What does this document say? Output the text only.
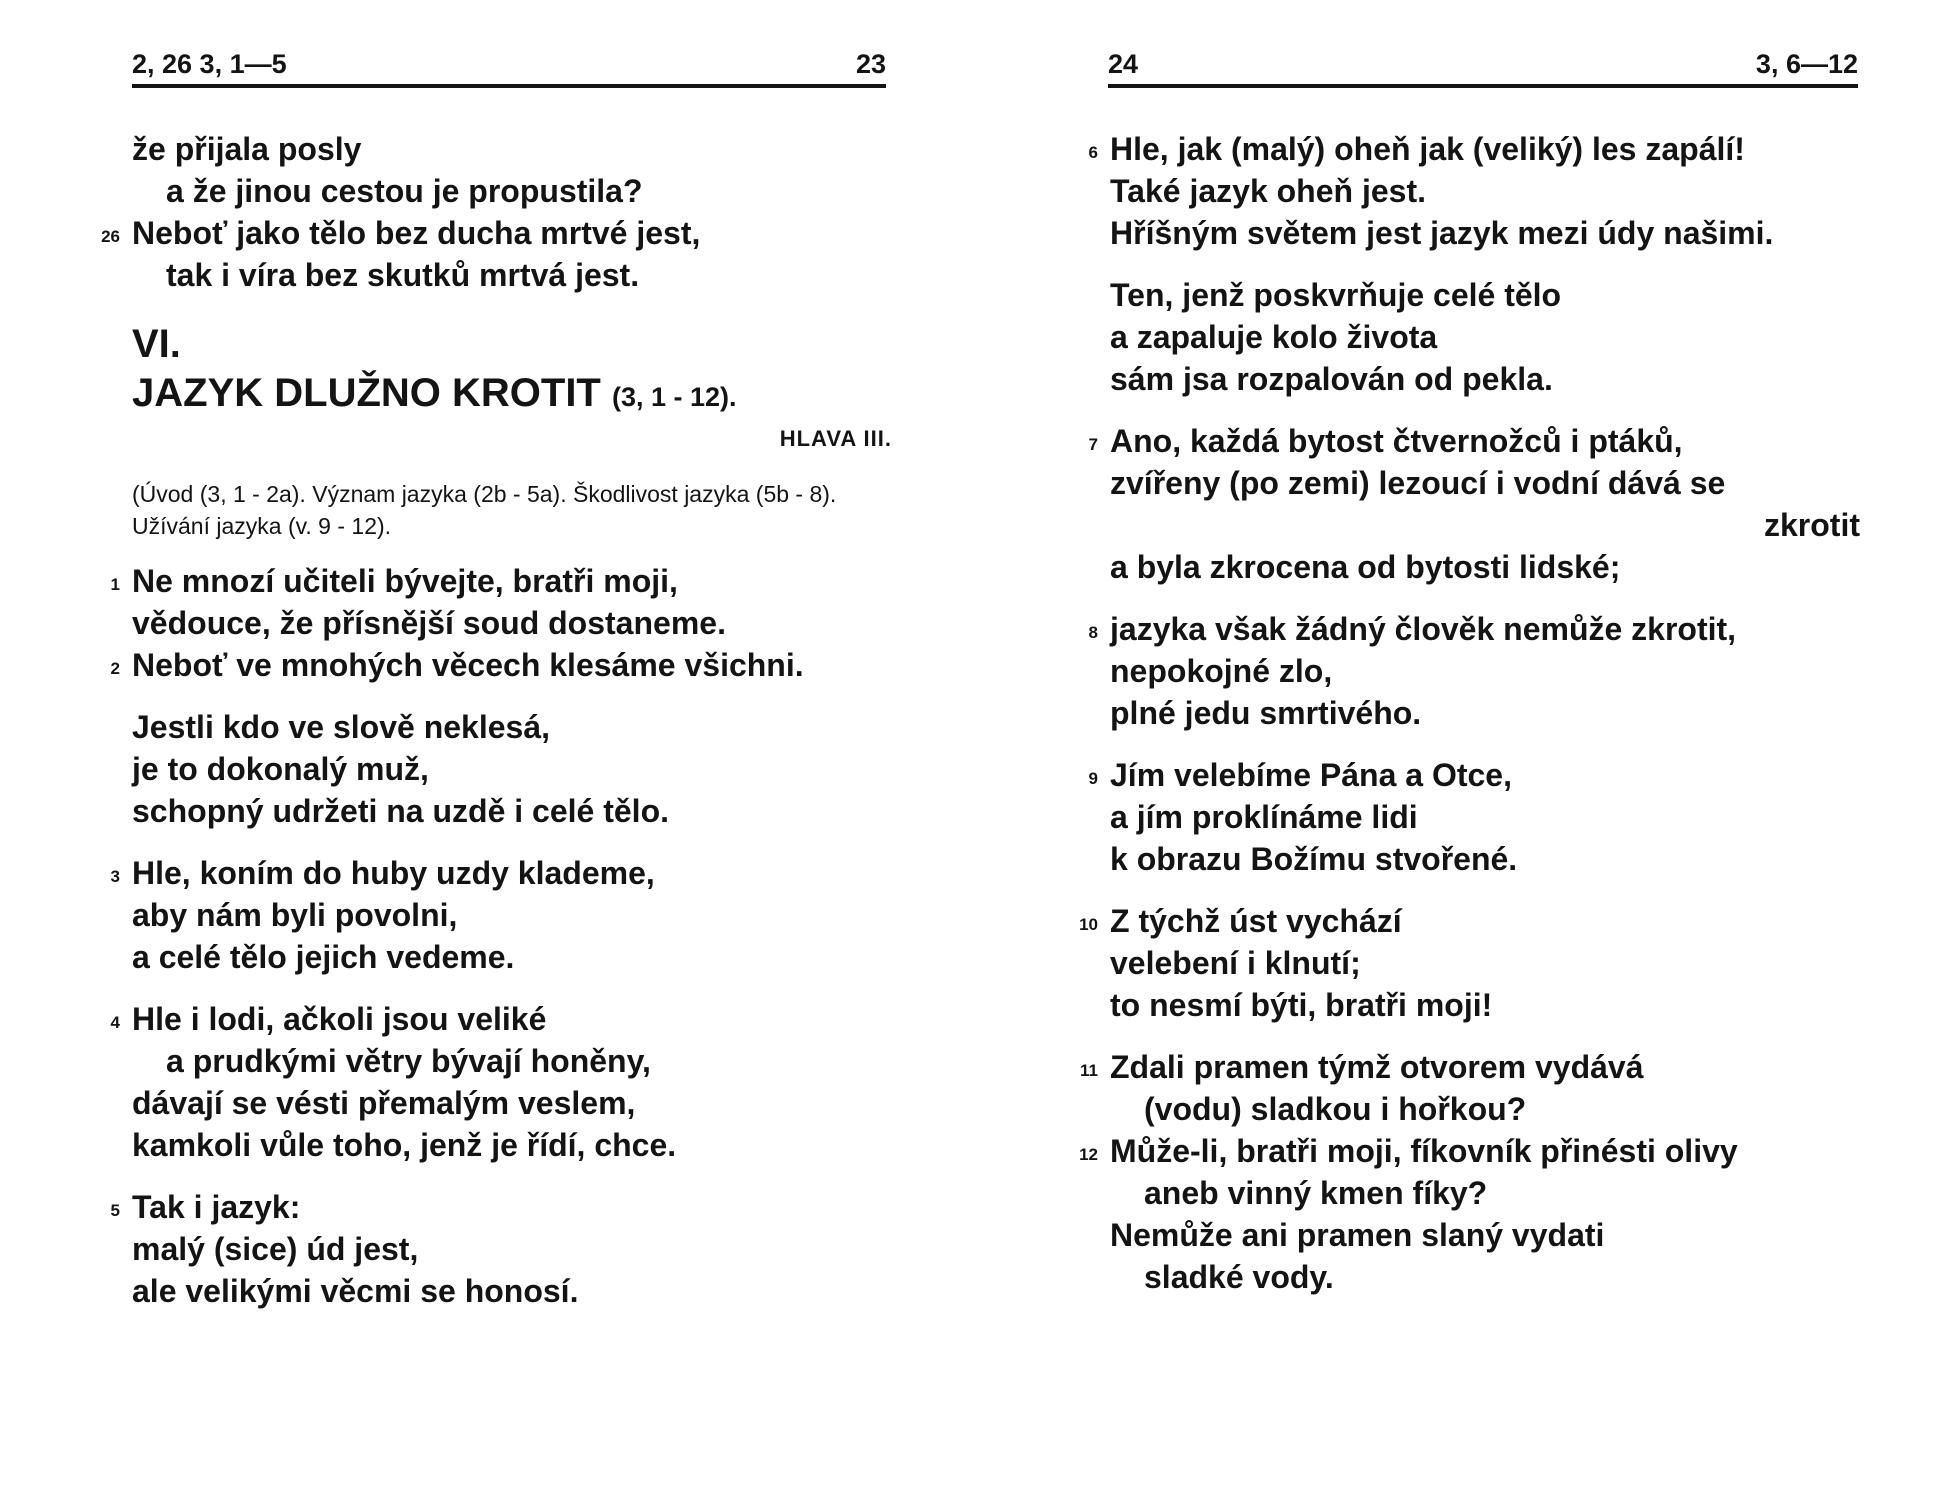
2, 26 3, 1—5	23
že přijala posly
a že jinou cestou je propustila?
26 Neboť jako tělo bez ducha mrtvé jest,
tak i víra bez skutků mrtvá jest.
VI.
JAZYK DLUŽNO KROTIT (3, 1 - 12).
HLAVA III.
(Úvod (3, 1 - 2a). Význam jazyka (2b - 5a). Škodlivost jazyka (5b - 8). Užívání jazyka (v. 9 - 12).
1 Ne mnozí učiteli bývejte, bratři moji,
vědouce, že přísnější soud dostaneme.
2 Neboť ve mnohých věcech klesáme všichni.
Jestli kdo ve slově neklesá,
je to dokonalý muž,
schopný udržeti na uzdě i celé tělo.
3 Hle, koním do huby uzdy klademe,
aby nám byli povolni,
a celé tělo jejich vedeme.
4 Hle i lodi, ačkoli jsou veliké
a prudkými větry bývají honěny,
dávají se vésti přemalým veslem,
kamkoli vůle toho, jenž je řídí, chce.
5 Tak i jazyk:
malý (sice) úd jest,
ale velikými věcmi se honosí.
24	3, 6—12
6 Hle, jak (malý) oheň jak (veliký) les zapálí!
Také jazyk oheň jest.
Hříšným světem jest jazyk mezi údy našimi.
Ten, jenž poskvrňuje celé tělo
a zapaluje kolo života
sám jsa rozpalován od pekla.
7 Ano, každá bytost čtvernožců i ptáků,
zvířeny (po zemi) lezoucí i vodní dává se
zkrotit
a byla zkrocena od bytosti lidské;
8 jazyka však žádný člověk nemůže zkrotit,
nepokojné zlo,
plné jedu smrtivého.
9 Jím velebíme Pána a Otce,
a jím proklínáme lidi
k obrazu Božímu stvořené.
10 Z týchž úst vychází
velebení i klnutí;
to nesmí býti, bratři moji!
11 Zdali pramen týmž otvorem vydává
(vodu) sladkou i hořkou?
12 Může-li, bratři moji, fíkovník přinésti olivy
aneb vinný kmen fíky?
Nemůže ani pramen slaný vydati
sladké vody.
